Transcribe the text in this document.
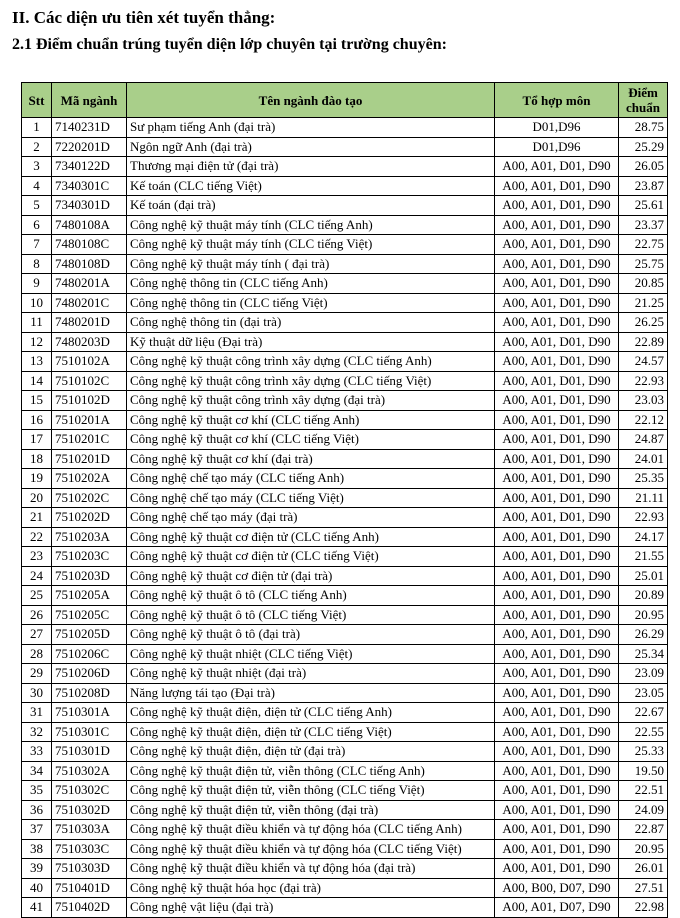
II. Các diện ưu tiên xét tuyển thẳng:
2.1 Điểm chuẩn trúng tuyển diện lớp chuyên tại trường chuyên:
Stt	Mã ngành	Tên ngành đào tạo	Tổ hợp môn	Điểm chuẩn
1	7140231D	Sư phạm tiếng Anh (đại trà)	D01,D96	28.75
2	7220201D	Ngôn ngữ Anh (đại trà)	D01,D96	25.29
3	7340122D	Thương mại điện tử (đại trà)	A00, A01, D01, D90	26.05
4	7340301C	Kế toán (CLC tiếng Việt)	A00, A01, D01, D90	23.87
5	7340301D	Kế toán (đại trà)	A00, A01, D01, D90	25.61
6	7480108A	Công nghệ kỹ thuật máy tính (CLC tiếng Anh)	A00, A01, D01, D90	23.37
7	7480108C	Công nghệ kỹ thuật máy tính (CLC tiếng Việt)	A00, A01, D01, D90	22.75
8	7480108D	Công nghệ kỹ thuật máy tính ( đại trà)	A00, A01, D01, D90	25.75
9	7480201A	Công nghệ thông tin (CLC tiếng Anh)	A00, A01, D01, D90	20.85
10	7480201C	Công nghệ thông tin (CLC tiếng Việt)	A00, A01, D01, D90	21.25
11	7480201D	Công nghệ thông tin (đại trà)	A00, A01, D01, D90	26.25
12	7480203D	Kỹ thuật dữ liệu (Đại trà)	A00, A01, D01, D90	22.89
13	7510102A	Công nghệ kỹ thuật công trình xây dựng (CLC tiếng Anh)	A00, A01, D01, D90	24.57
14	7510102C	Công nghệ kỹ thuật công trình xây dựng (CLC tiếng Việt)	A00, A01, D01, D90	22.93
15	7510102D	Công nghệ kỹ thuật công trình xây dựng (đại trà)	A00, A01, D01, D90	23.03
16	7510201A	Công nghệ kỹ thuật cơ khí (CLC tiếng Anh)	A00, A01, D01, D90	22.12
17	7510201C	Công nghệ kỹ thuật cơ khí (CLC tiếng Việt)	A00, A01, D01, D90	24.87
18	7510201D	Công nghệ kỹ thuật cơ khí (đại trà)	A00, A01, D01, D90	24.01
19	7510202A	Công nghệ chế tạo máy (CLC tiếng Anh)	A00, A01, D01, D90	25.35
20	7510202C	Công nghệ chế tạo máy (CLC tiếng Việt)	A00, A01, D01, D90	21.11
21	7510202D	Công nghệ chế tạo máy (đại trà)	A00, A01, D01, D90	22.93
22	7510203A	Công nghệ kỹ thuật cơ điện tử (CLC tiếng Anh)	A00, A01, D01, D90	24.17
23	7510203C	Công nghệ kỹ thuật cơ điện tử (CLC tiếng Việt)	A00, A01, D01, D90	21.55
24	7510203D	Công nghệ kỹ thuật cơ điện tử (đại trà)	A00, A01, D01, D90	25.01
25	7510205A	Công nghệ kỹ thuật ô tô (CLC tiếng Anh)	A00, A01, D01, D90	20.89
26	7510205C	Công nghệ kỹ thuật ô tô (CLC tiếng Việt)	A00, A01, D01, D90	20.95
27	7510205D	Công nghệ kỹ thuật ô tô (đại trà)	A00, A01, D01, D90	26.29
28	7510206C	Công nghệ kỹ thuật nhiệt (CLC tiếng Việt)	A00, A01, D01, D90	25.34
29	7510206D	Công nghệ kỹ thuật nhiệt (đại trà)	A00, A01, D01, D90	23.09
30	7510208D	Năng lượng tái tạo (Đại trà)	A00, A01, D01, D90	23.05
31	7510301A	Công nghệ kỹ thuật điện, điện tử (CLC tiếng Anh)	A00, A01, D01, D90	22.67
32	7510301C	Công nghệ kỹ thuật điện, điện tử (CLC tiếng Việt)	A00, A01, D01, D90	22.55
33	7510301D	Công nghệ kỹ thuật điện, điện tử (đại trà)	A00, A01, D01, D90	25.33
34	7510302A	Công nghệ kỹ thuật điện tử, viễn thông (CLC tiếng Anh)	A00, A01, D01, D90	19.50
35	7510302C	Công nghệ kỹ thuật điện tử, viễn thông (CLC tiếng Việt)	A00, A01, D01, D90	22.51
36	7510302D	Công nghệ kỹ thuật điện tử, viễn thông (đại trà)	A00, A01, D01, D90	24.09
37	7510303A	Công nghệ kỹ thuật điều khiển và tự động hóa (CLC tiếng Anh)	A00, A01, D01, D90	22.87
38	7510303C	Công nghệ kỹ thuật điều khiển và tự động hóa (CLC tiếng Việt)	A00, A01, D01, D90	20.95
39	7510303D	Công nghệ kỹ thuật điều khiển và tự động hóa (đại trà)	A00, A01, D01, D90	26.01
40	7510401D	Công nghệ kỹ thuật hóa học (đại trà)	A00, B00, D07, D90	27.51
41	7510402D	Công nghệ vật liệu (đại trà)	A00, A01, D07, D90	22.98
